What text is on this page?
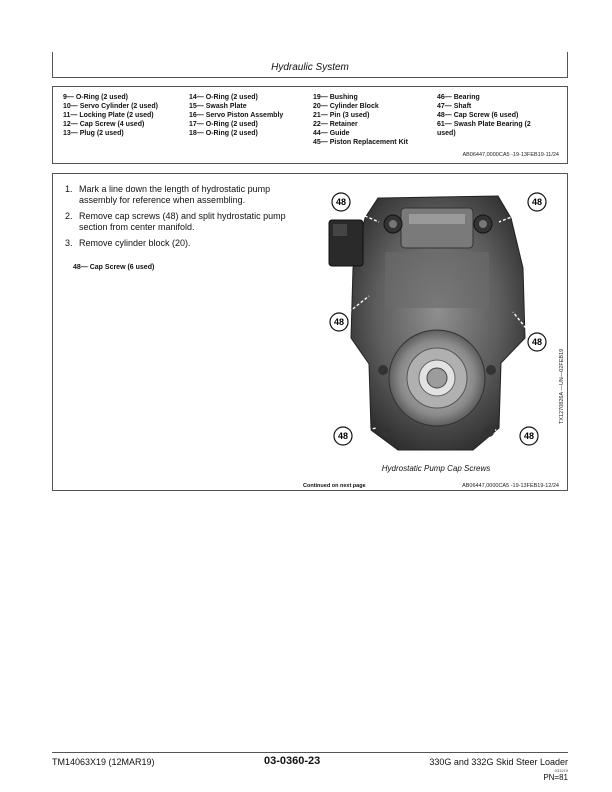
Hydraulic System
9— O-Ring (2 used)
10— Servo Cylinder (2 used)
11— Locking Plate (2 used)
12— Cap Screw (4 used)
13— Plug (2 used)
14— O-Ring (2 used)
15— Swash Plate
16— Servo Piston Assembly
17— O-Ring (2 used)
18— O-Ring (2 used)
19— Bushing
20— Cylinder Block
21— Pin (3 used)
22— Retainer
44— Guide
45— Piston Replacement Kit
46— Bearing
47— Shaft
48— Cap Screw (6 used)
61— Swash Plate Bearing (2 used)
AB06447,0000CA5 -19-13FEB19-11/24
1. Mark a line down the length of hydrostatic pump assembly for reference when assembling.
2. Remove cap screws (48) and split hydrostatic pump section from center manifold.
3. Remove cylinder block (20).
48— Cap Screw (6 used)
48	48
48
48
48	48
TX1270826A —UN—02FEB19
Hydrostatic Pump Cap Screws
Continued on next page	AB06447,0000CA5 -19-13FEB19-12/24
TM14063X19 (12MAR19)	03-0360-23	330G and 332G Skid Steer Loader
031219
PN=81
